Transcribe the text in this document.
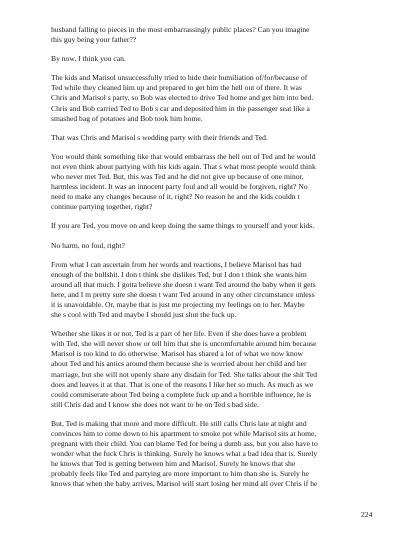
husband falling to pieces in the most embarrassingly public places? Can you imagine
this guy being your father??

By now, I think you can.

The kids and Marisol unsuccessfully tried to hide their humiliation of/for/because of
Ted while they cleaned him up and prepared to get him the hell out of there. It was
Chris and Marisol s party, so Bob was elected to drive Ted home and get him into bed.
Chris and Bob carried Ted to Bob s car and deposited him in the passenger seat like a
smashed bag of potatoes and Bob took him home.

That was Chris and Marisol s wedding party with their friends and Ted.

You would think something like that would embarrass the hell out of Ted and he would
not even think about partying with his kids again. That s what most people would think
who never met Ted. But, this was Ted and he did not give up because of one minor,
harmless incident. It was an innocent party foul and all would be forgiven, right? No
need to make any changes because of it, right? No reason he and the kids couldn t
continue partying together, right?

If you are Ted, you move on and keep doing the same things to yourself and your kids.

No harm, no foul, right?

From what I can ascertain from her words and reactions, I believe Marisol has had
enough of the bullshit. I don t think she dislikes Ted, but I don t think she wants him
around all that much. I gotta believe she doesn t want Ted around the baby when it gets
here, and I m pretty sure she doesn t want Ted around in any other circumstance unless
it is unavoidable. Or, maybe that is just me projecting my feelings on to her. Maybe
she s cool with Ted and maybe I should just shut the fuck up.

Whether she likes it or not, Ted is a part of her life. Even if she does have a problem
with Ted, she will never show or tell him that she is uncomfortable around him because
Marisol is too kind to do otherwise. Marisol has shared a lot of what we now know
about Ted and his antics around them because she is worried about her child and her
marriage, but she will not openly share any disdain for Ted. She talks about the shit Ted
does and leaves it at that. That is one of the reasons I like her so much. As much as we
could commiserate about Ted being a complete fuck up and a horrible influence, he is
still Chris dad and I know she does not want to be on Ted s bad side.

But, Ted is making that more and more difficult. He still calls Chris late at night and
convinces him to come down to his apartment to smoke pot while Marisol sits at home,
pregnant with their child. You can blame Ted for being a dumb ass, but you also have to
wonder what the fuck Chris is thinking. Surely he knows what a bad idea that is. Surely
he knows that Ted is getting between him and Marisol. Surely he knows that she
probably feels like Ted and partying are more important to him than she is. Surely he
knows that when the baby arrives, Marisol will start losing her mind all over Chris if he

224
